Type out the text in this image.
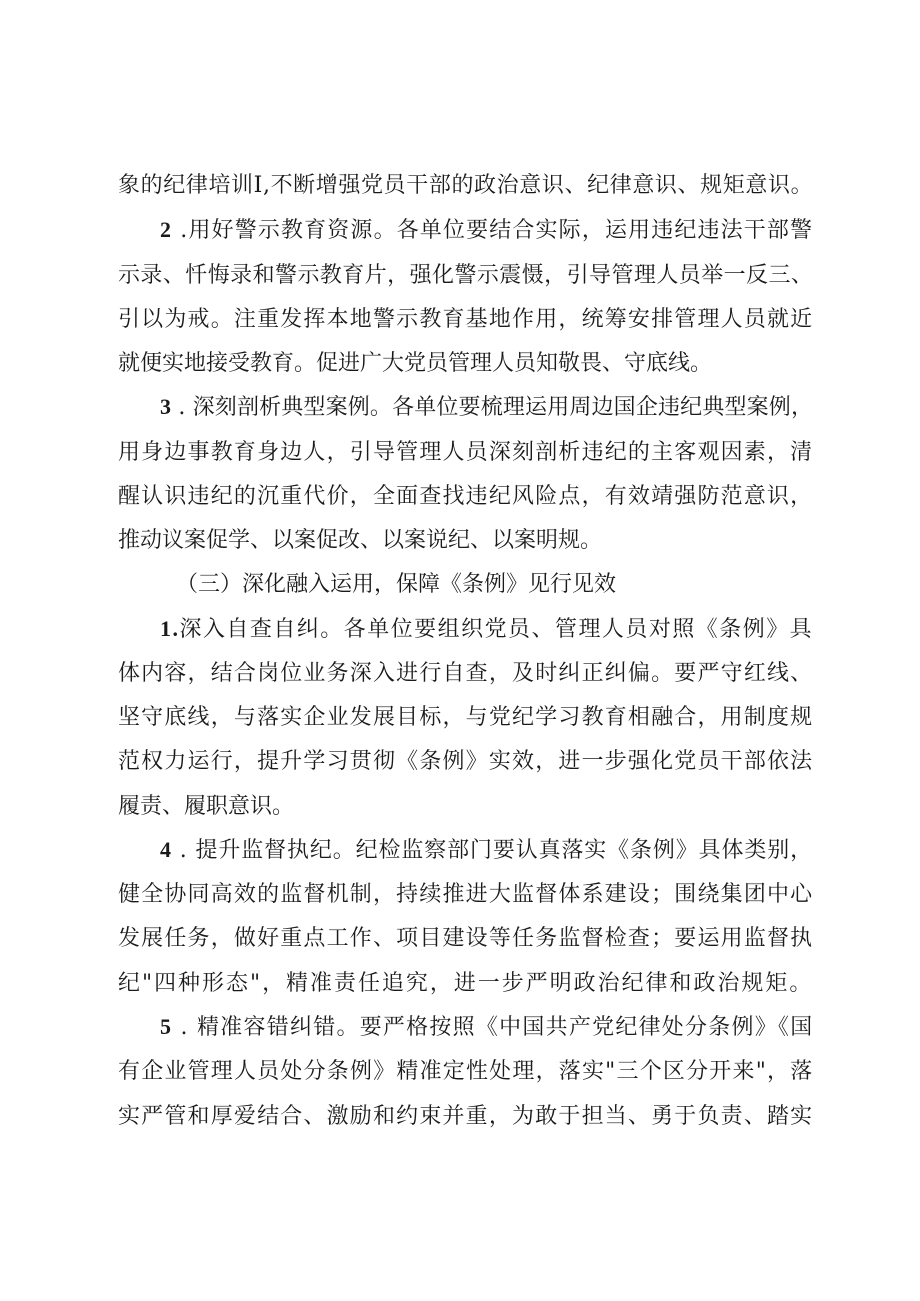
象的纪律培训I,不断增强党员干部的政治意识、纪律意识、规矩意识。
2 .用好警示教育资源。各单位要结合实际，运用违纪违法干部警
示录、忏悔录和警示教育片，强化警示震慑，引导管理人员举一反三、
引以为戒。注重发挥本地警示教育基地作用，统筹安排管理人员就近
就便实地接受教育。促进广大党员管理人员知敬畏、守底线。
3 . 深刻剖析典型案例。各单位要梳理运用周边国企违纪典型案例，
用身边事教育身边人，引导管理人员深刻剖析违纪的主客观因素，清
醒认识违纪的沉重代价，全面查找违纪风险点，有效靖强防范意识，
推动议案促学、以案促改、以案说纪、以案明规。
（三）深化融入运用，保障《条例》见行见效
1.深入自查自纠。各单位要组织党员、管理人员对照《条例》具
体内容，结合岗位业务深入进行自查，及时纠正纠偏。要严守红线、
坚守底线，与落实企业发展目标，与党纪学习教育相融合，用制度规
范权力运行，提升学习贯彻《条例》实效，进一步强化党员干部依法
履责、履职意识。
4 . 提升监督执纪。纪检监察部门要认真落实《条例》具体类别，
健全协同高效的监督机制，持续推进大监督体系建设；围绕集团中心
发展任务，做好重点工作、项目建设等任务监督检查；要运用监督执
纪"四种形态"，精准责任追究，进一步严明政治纪律和政治规矩。
5 . 精准容错纠错。要严格按照《中国共产党纪律处分条例》《国
有企业管理人员处分条例》精准定性处理，落实"三个区分开来"，落
实严管和厚爱结合、激励和约束并重，为敢于担当、勇于负责、踏实
